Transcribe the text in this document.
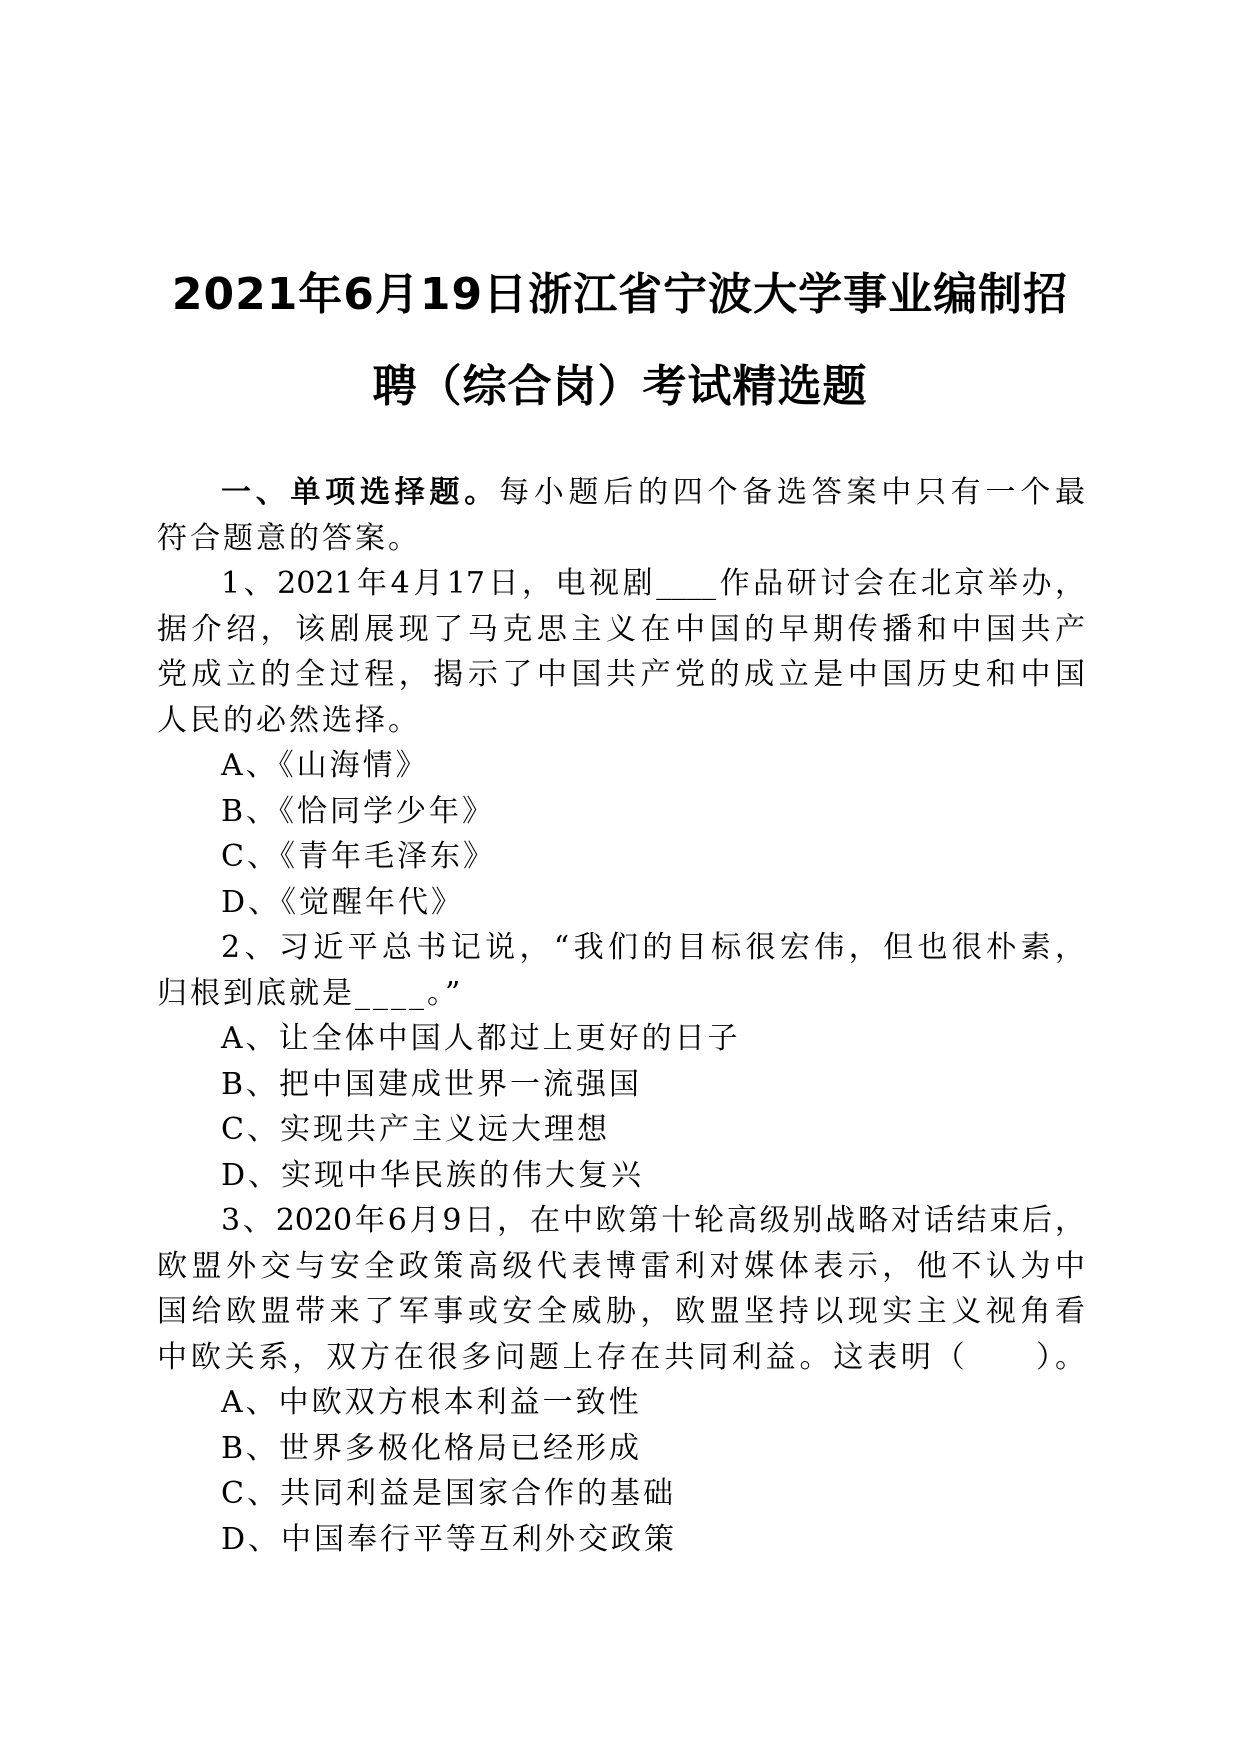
2021年6月19日浙江省宁波大学事业编制招
聘（综合岗）考试精选题
一、单项选择题。每小题后的四个备选答案中只有一个最
符合题意的答案。
1、2021年4月17日，电视剧____作品研讨会在北京举办，
据介绍，该剧展现了马克思主义在中国的早期传播和中国共产
党成立的全过程，揭示了中国共产党的成立是中国历史和中国
人民的必然选择。
A、《山海情》
B、《恰同学少年》
C、《青年毛泽东》
D、《觉醒年代》
2、习近平总书记说，“我们的目标很宏伟，但也很朴素，
归根到底就是____。”
A、让全体中国人都过上更好的日子
B、把中国建成世界一流强国
C、实现共产主义远大理想
D、实现中华民族的伟大复兴
3、2020年6月9日，在中欧第十轮高级别战略对话结束后，
欧盟外交与安全政策高级代表博雷利对媒体表示，他不认为中
国给欧盟带来了军事或安全威胁，欧盟坚持以现实主义视角看
中欧关系，双方在很多问题上存在共同利益。这表明（　　）。
A、中欧双方根本利益一致性
B、世界多极化格局已经形成
C、共同利益是国家合作的基础
D、中国奉行平等互利外交政策
